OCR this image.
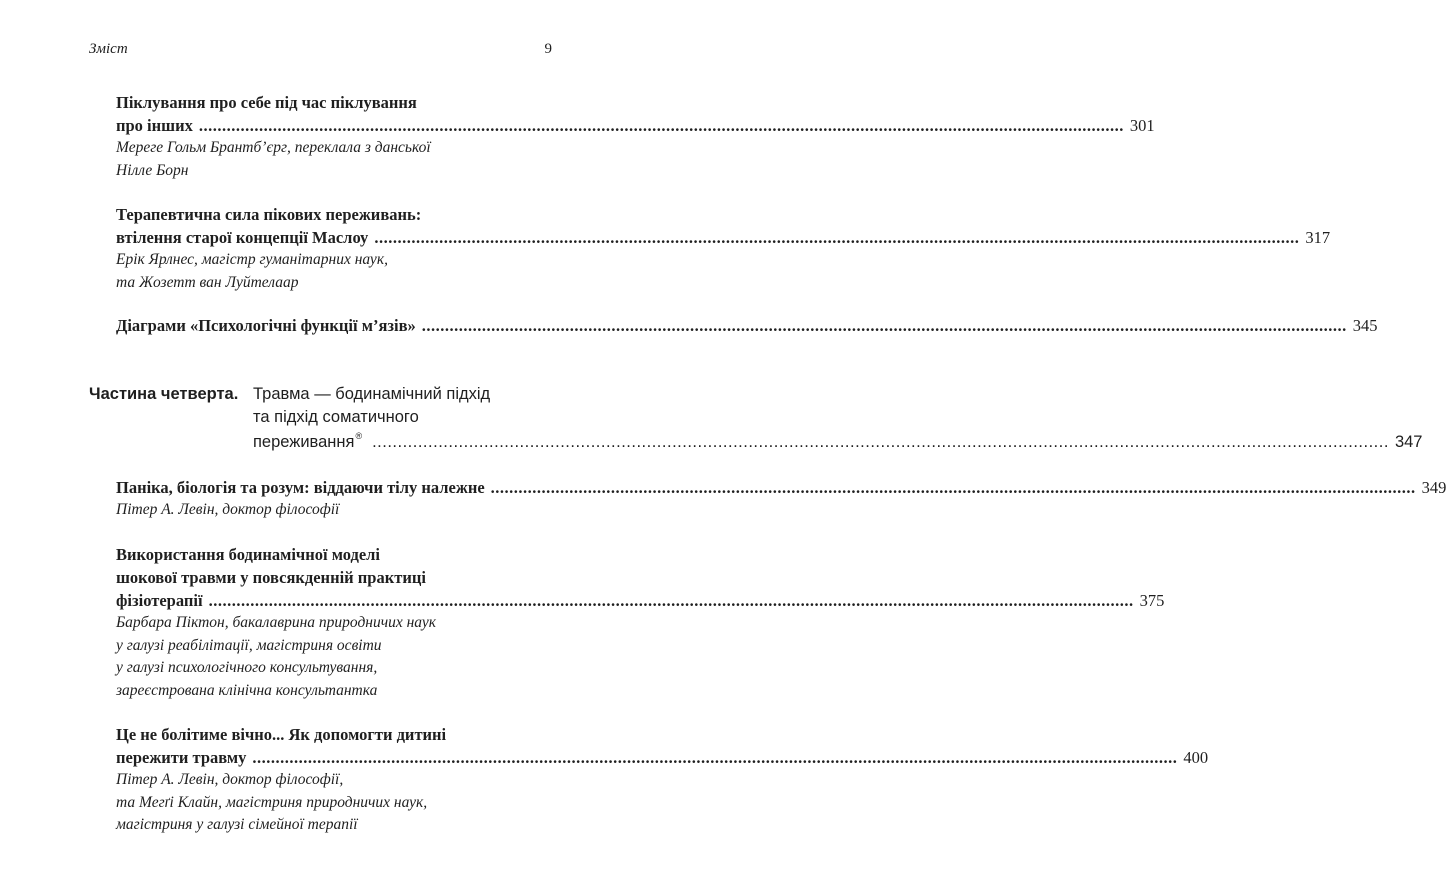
Зміст	9
Піклування про себе під час піклування
про інших ........................................................................................................................................................................................................ 301
Мереге Гольм Брантб’єрг, переклала з данської
Нілле Борн
Терапевтична сила пікових переживань:
втілення старої концепції Маслоу ........................................................................................................................................................................................................ 317
Ерік Ярлнес, магістр гуманітарних наук,
та Жозетт ван Луйтелаар
Діаграми «Психологічні функції м’язів» ........................................................................................................................................................................................................ 345
Частина четверта. Травма — бодинамічний підхід
та підхід соматичного
переживання® ........................................................................................................................................................................................................ 347
Паніка, біологія та розум: віддаючи тілу належне ........................................................................................................................................................................................................ 349
Пітер А. Левін, доктор філософії
Використання бодинамічної моделі
шокової травми у повсякденній практиці
фізіотерапії ........................................................................................................................................................................................................ 375
Барбара Піктон, бакалаврина природничих наук
у галузі реабілітації, магістриня освіти
у галузі психологічного консультування,
зареєстрована клінічна консультантка
Це не болітиме вічно... Як допомогти дитині
пережити травму ........................................................................................................................................................................................................ 400
Пітер А. Левін, доктор філософії,
та Мегґі Клайн, магістриня природничих наук,
магістриня у галузі сімейної терапії
